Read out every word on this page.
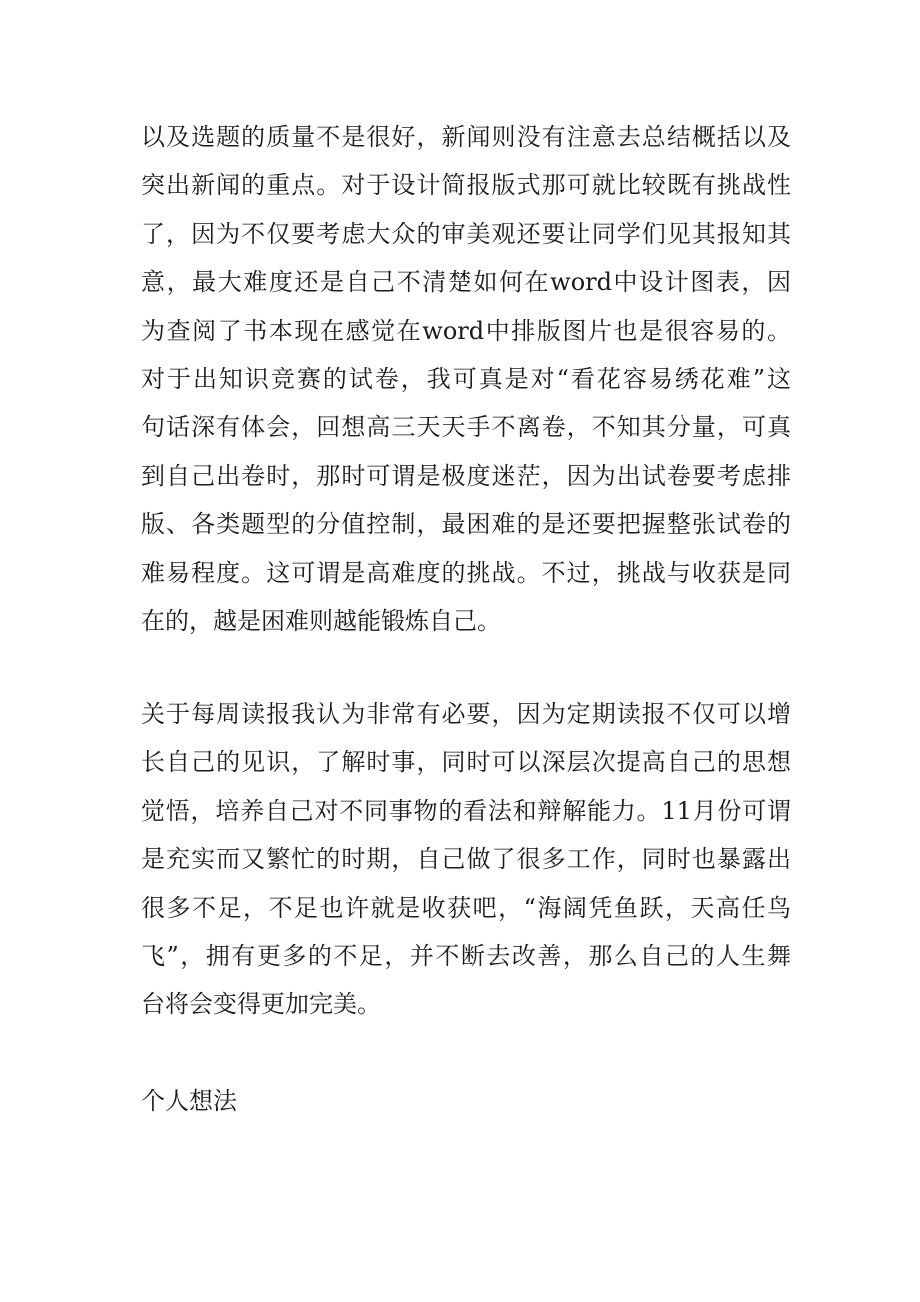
以及选题的质量不是很好，新闻则没有注意去总结概括以及
突出新闻的重点。对于设计简报版式那可就比较既有挑战性
了，因为不仅要考虑大众的审美观还要让同学们见其报知其
意，最大难度还是自己不清楚如何在word中设计图表，因
为查阅了书本现在感觉在word中排版图片也是很容易的。
对于出知识竞赛的试卷，我可真是对“看花容易绣花难”这
句话深有体会，回想高三天天手不离卷，不知其分量，可真
到自己出卷时，那时可谓是极度迷茫，因为出试卷要考虑排
版、各类题型的分值控制，最困难的是还要把握整张试卷的
难易程度。这可谓是高难度的挑战。不过，挑战与收获是同
在的，越是困难则越能锻炼自己。
关于每周读报我认为非常有必要，因为定期读报不仅可以增
长自己的见识，了解时事，同时可以深层次提高自己的思想
觉悟，培养自己对不同事物的看法和辩解能力。11月份可谓
是充实而又繁忙的时期，自己做了很多工作，同时也暴露出
很多不足，不足也许就是收获吧，“海阔凭鱼跃，天高任鸟
飞”，拥有更多的不足，并不断去改善，那么自己的人生舞
台将会变得更加完美。
个人想法
